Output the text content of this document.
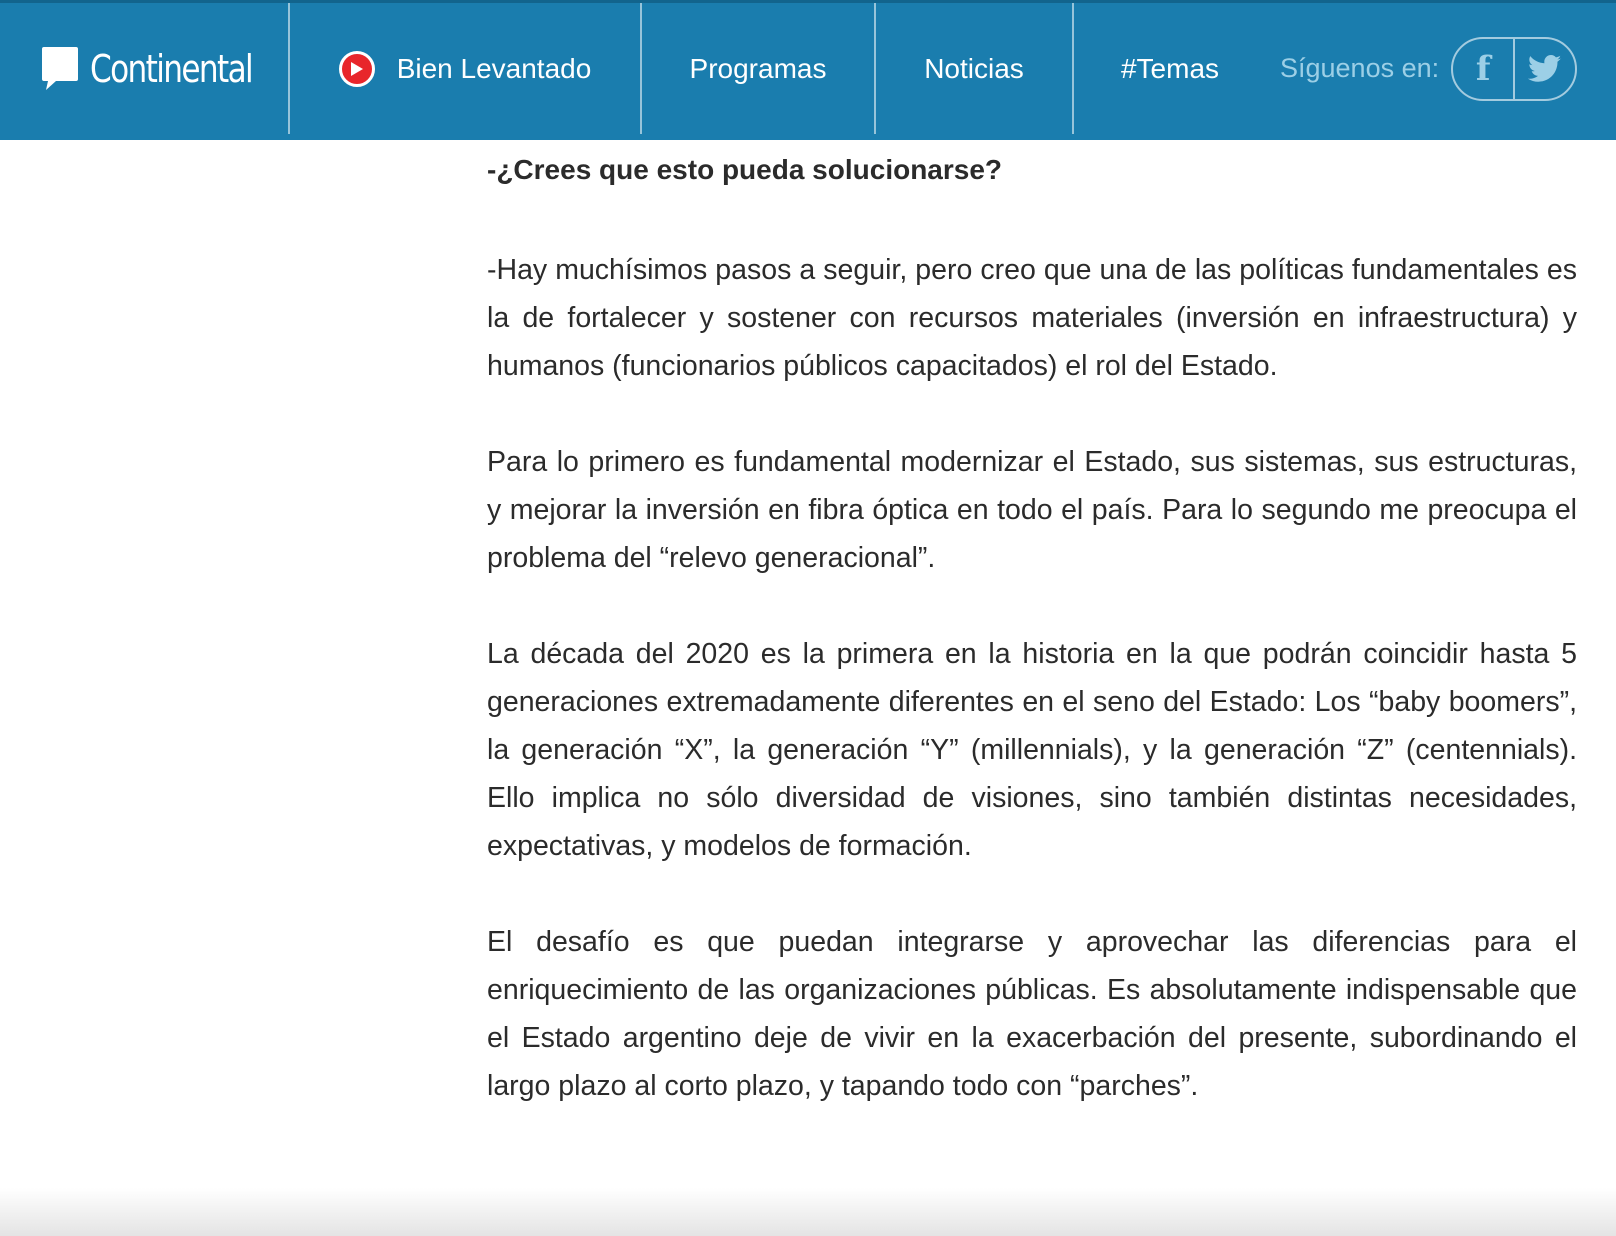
Continental	Bien Levantado	Programas	Noticias	#Temas Síguenos en: f

-¿Crees que esto pueda solucionarse?

-Hay muchísimos pasos a seguir, pero creo que una de las políticas fundamentales es la de fortalecer y sostener con recursos materiales (inversión en infraestructura) y humanos (funcionarios públicos capacitados) el rol del Estado.

Para lo primero es fundamental modernizar el Estado, sus sistemas, sus estructuras, y mejorar la inversión en fibra óptica en todo el país. Para lo segundo me preocupa el problema del “relevo generacional”.

La década del 2020 es la primera en la historia en la que podrán coincidir hasta 5 generaciones extremadamente diferentes en el seno del Estado: Los “baby boomers”, la generación “X”, la generación “Y” (millennials), y la generación “Z” (centennials). Ello implica no sólo diversidad de visiones, sino también distintas necesidades, expectativas, y modelos de formación.

El desafío es que puedan integrarse y aprovechar las diferencias para el enriquecimiento de las organizaciones públicas. Es absolutamente indispensable que el Estado argentino deje de vivir en la exacerbación del presente, subordinando el largo plazo al corto plazo, y tapando todo con “parches”.
